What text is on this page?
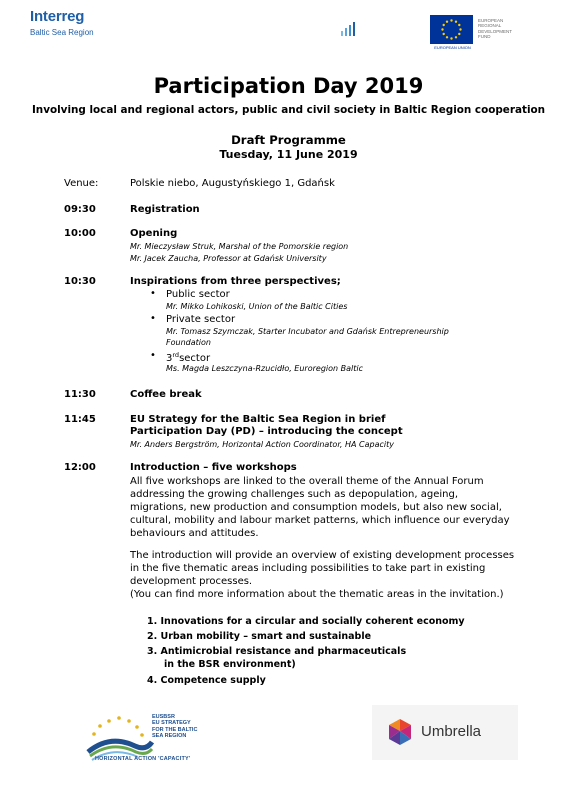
Interreg
Baltic Sea Region
EUROPEAN UNION
EUROPEAN
REGIONAL
DEVELOPMENT
FUND
Participation Day 2019
Involving local and regional actors, public and civil society in Baltic Region cooperation
Draft Programme
Tuesday, 11 June 2019
Venue:	Polskie niebo, Augustyńskiego 1, Gdańsk
09:30	Registration
10:00	Opening
Mr. Mieczysław Struk, Marshal of the Pomorskie region
Mr. Jacek Zaucha, Professor at Gdańsk University
10:30	Inspirations from three perspectives;
• Public sector
Mr. Mikko Lohikoski, Union of the Baltic Cities
• Private sector
Mr. Tomasz Szymczak, Starter Incubator and Gdańsk Entrepreneurship
Foundation
• 3rdsector
Ms. Magda Leszczyna-Rzucidło, Euroregion Baltic
11:30	Coffee break
11:45	EU Strategy for the Baltic Sea Region in brief
Participation Day (PD) – introducing the concept
Mr. Anders Bergström, Horizontal Action Coordinator, HA Capacity
12:00	Introduction – five workshops
All five workshops are linked to the overall theme of the Annual Forum addressing the growing challenges such as depopulation, ageing, migrations, new production and consumption models, but also new social, cultural, mobility and labour market patterns, which influence our everyday behaviours and attitudes.
The introduction will provide an overview of existing development processes in the five thematic areas including possibilities to take part in existing development processes.
(You can find more information about the thematic areas in the invitation.)
1. Innovations for a circular and socially coherent economy
2. Urban mobility – smart and sustainable
3. Antimicrobial resistance and pharmaceuticals
in the BSR environment)
4. Competence supply
EUSBSR
EU STRATEGY
FOR THE BALTIC
SEA REGION
HORIZONTAL ACTION 'CAPACITY'
Umbrella
